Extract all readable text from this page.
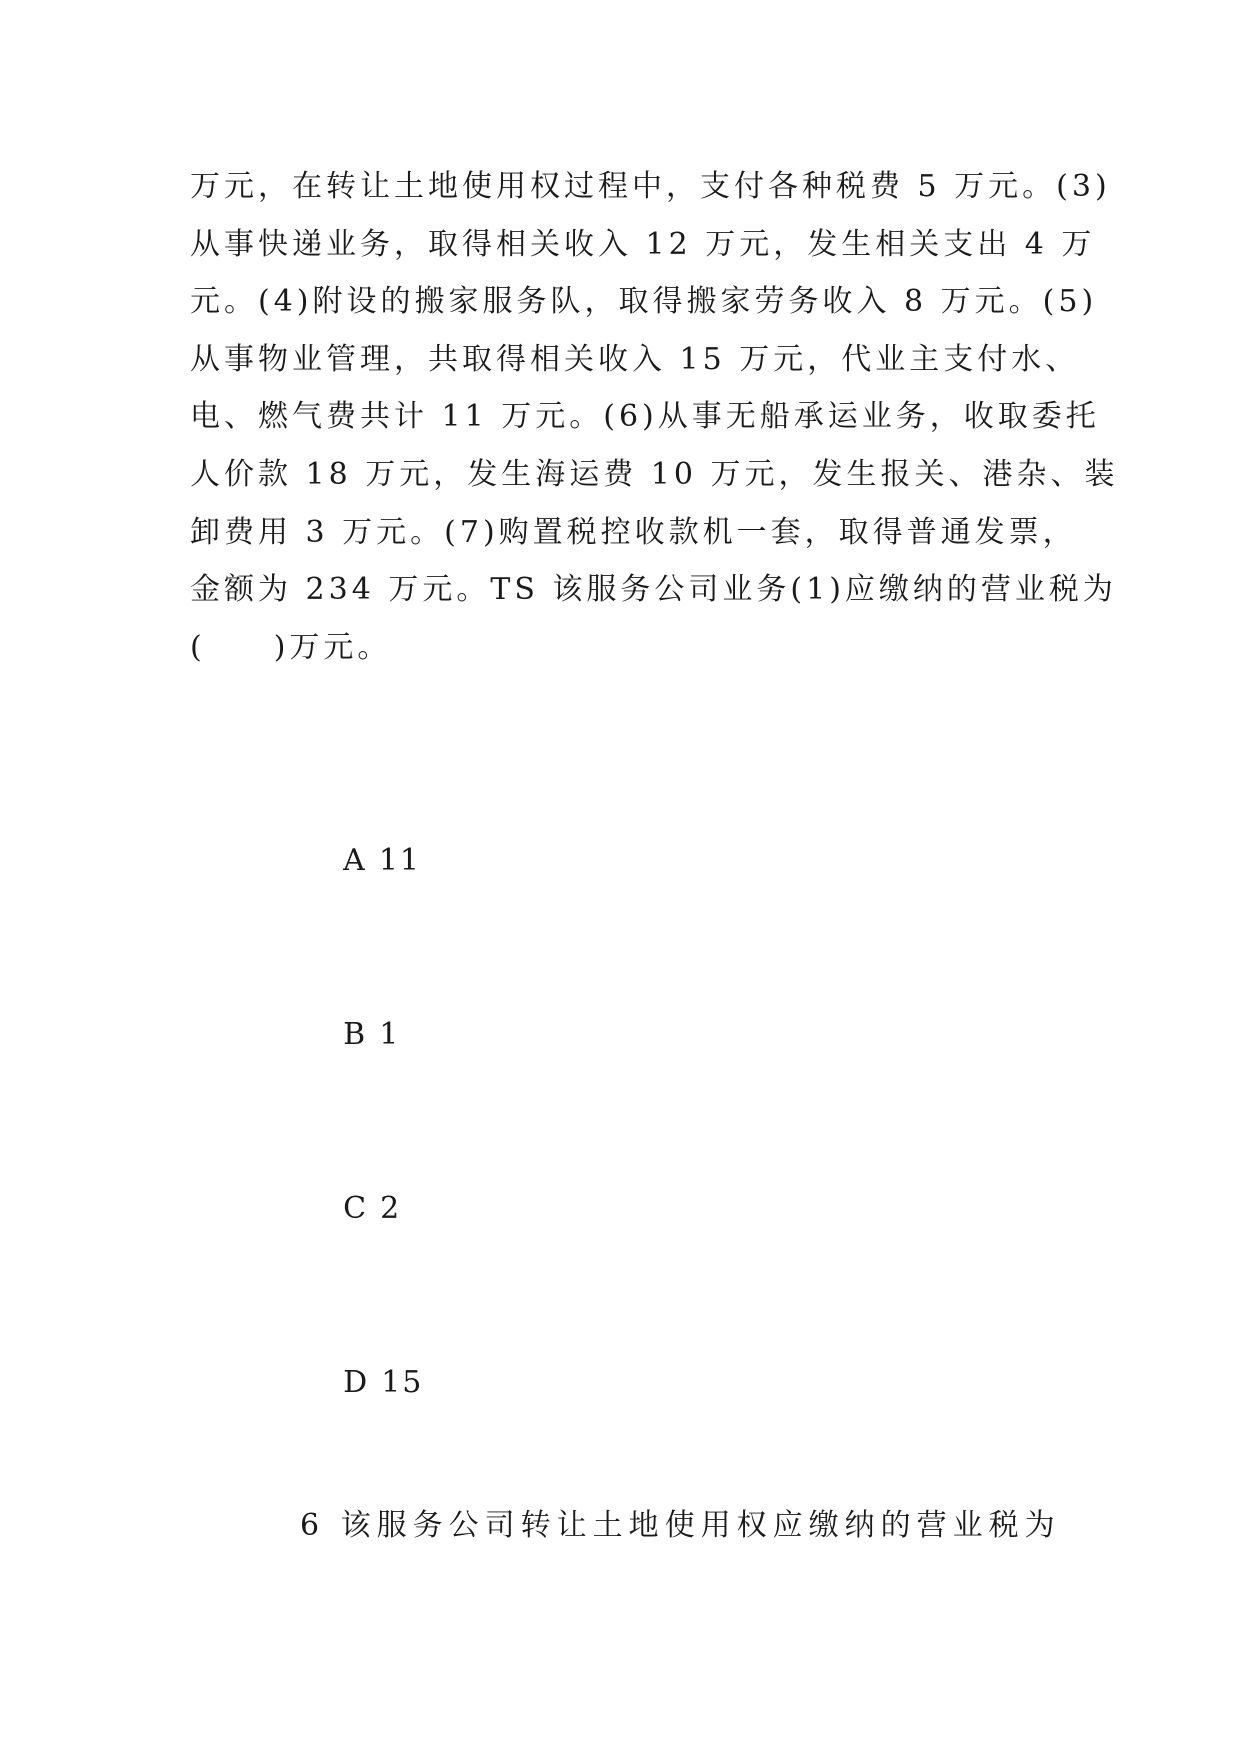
万元，在转让土地使用权过程中，支付各种税费 5 万元。(3)
从事快递业务，取得相关收入 12 万元，发生相关支出 4 万
元。(4)附设的搬家服务队，取得搬家劳务收入 8 万元。(5)
从事物业管理，共取得相关收入 15 万元，代业主支付水、
电、燃气费共计 11 万元。(6)从事无船承运业务，收取委托
人价款 18 万元，发生海运费 10 万元，发生报关、港杂、装
卸费用 3 万元。(7)购置税控收款机一套，取得普通发票，
金额为 234 万元。TS 该服务公司业务(1)应缴纳的营业税为
(　　)万元。

A 11

B 1

C 2

D 15

6 该服务公司转让土地使用权应缴纳的营业税为
